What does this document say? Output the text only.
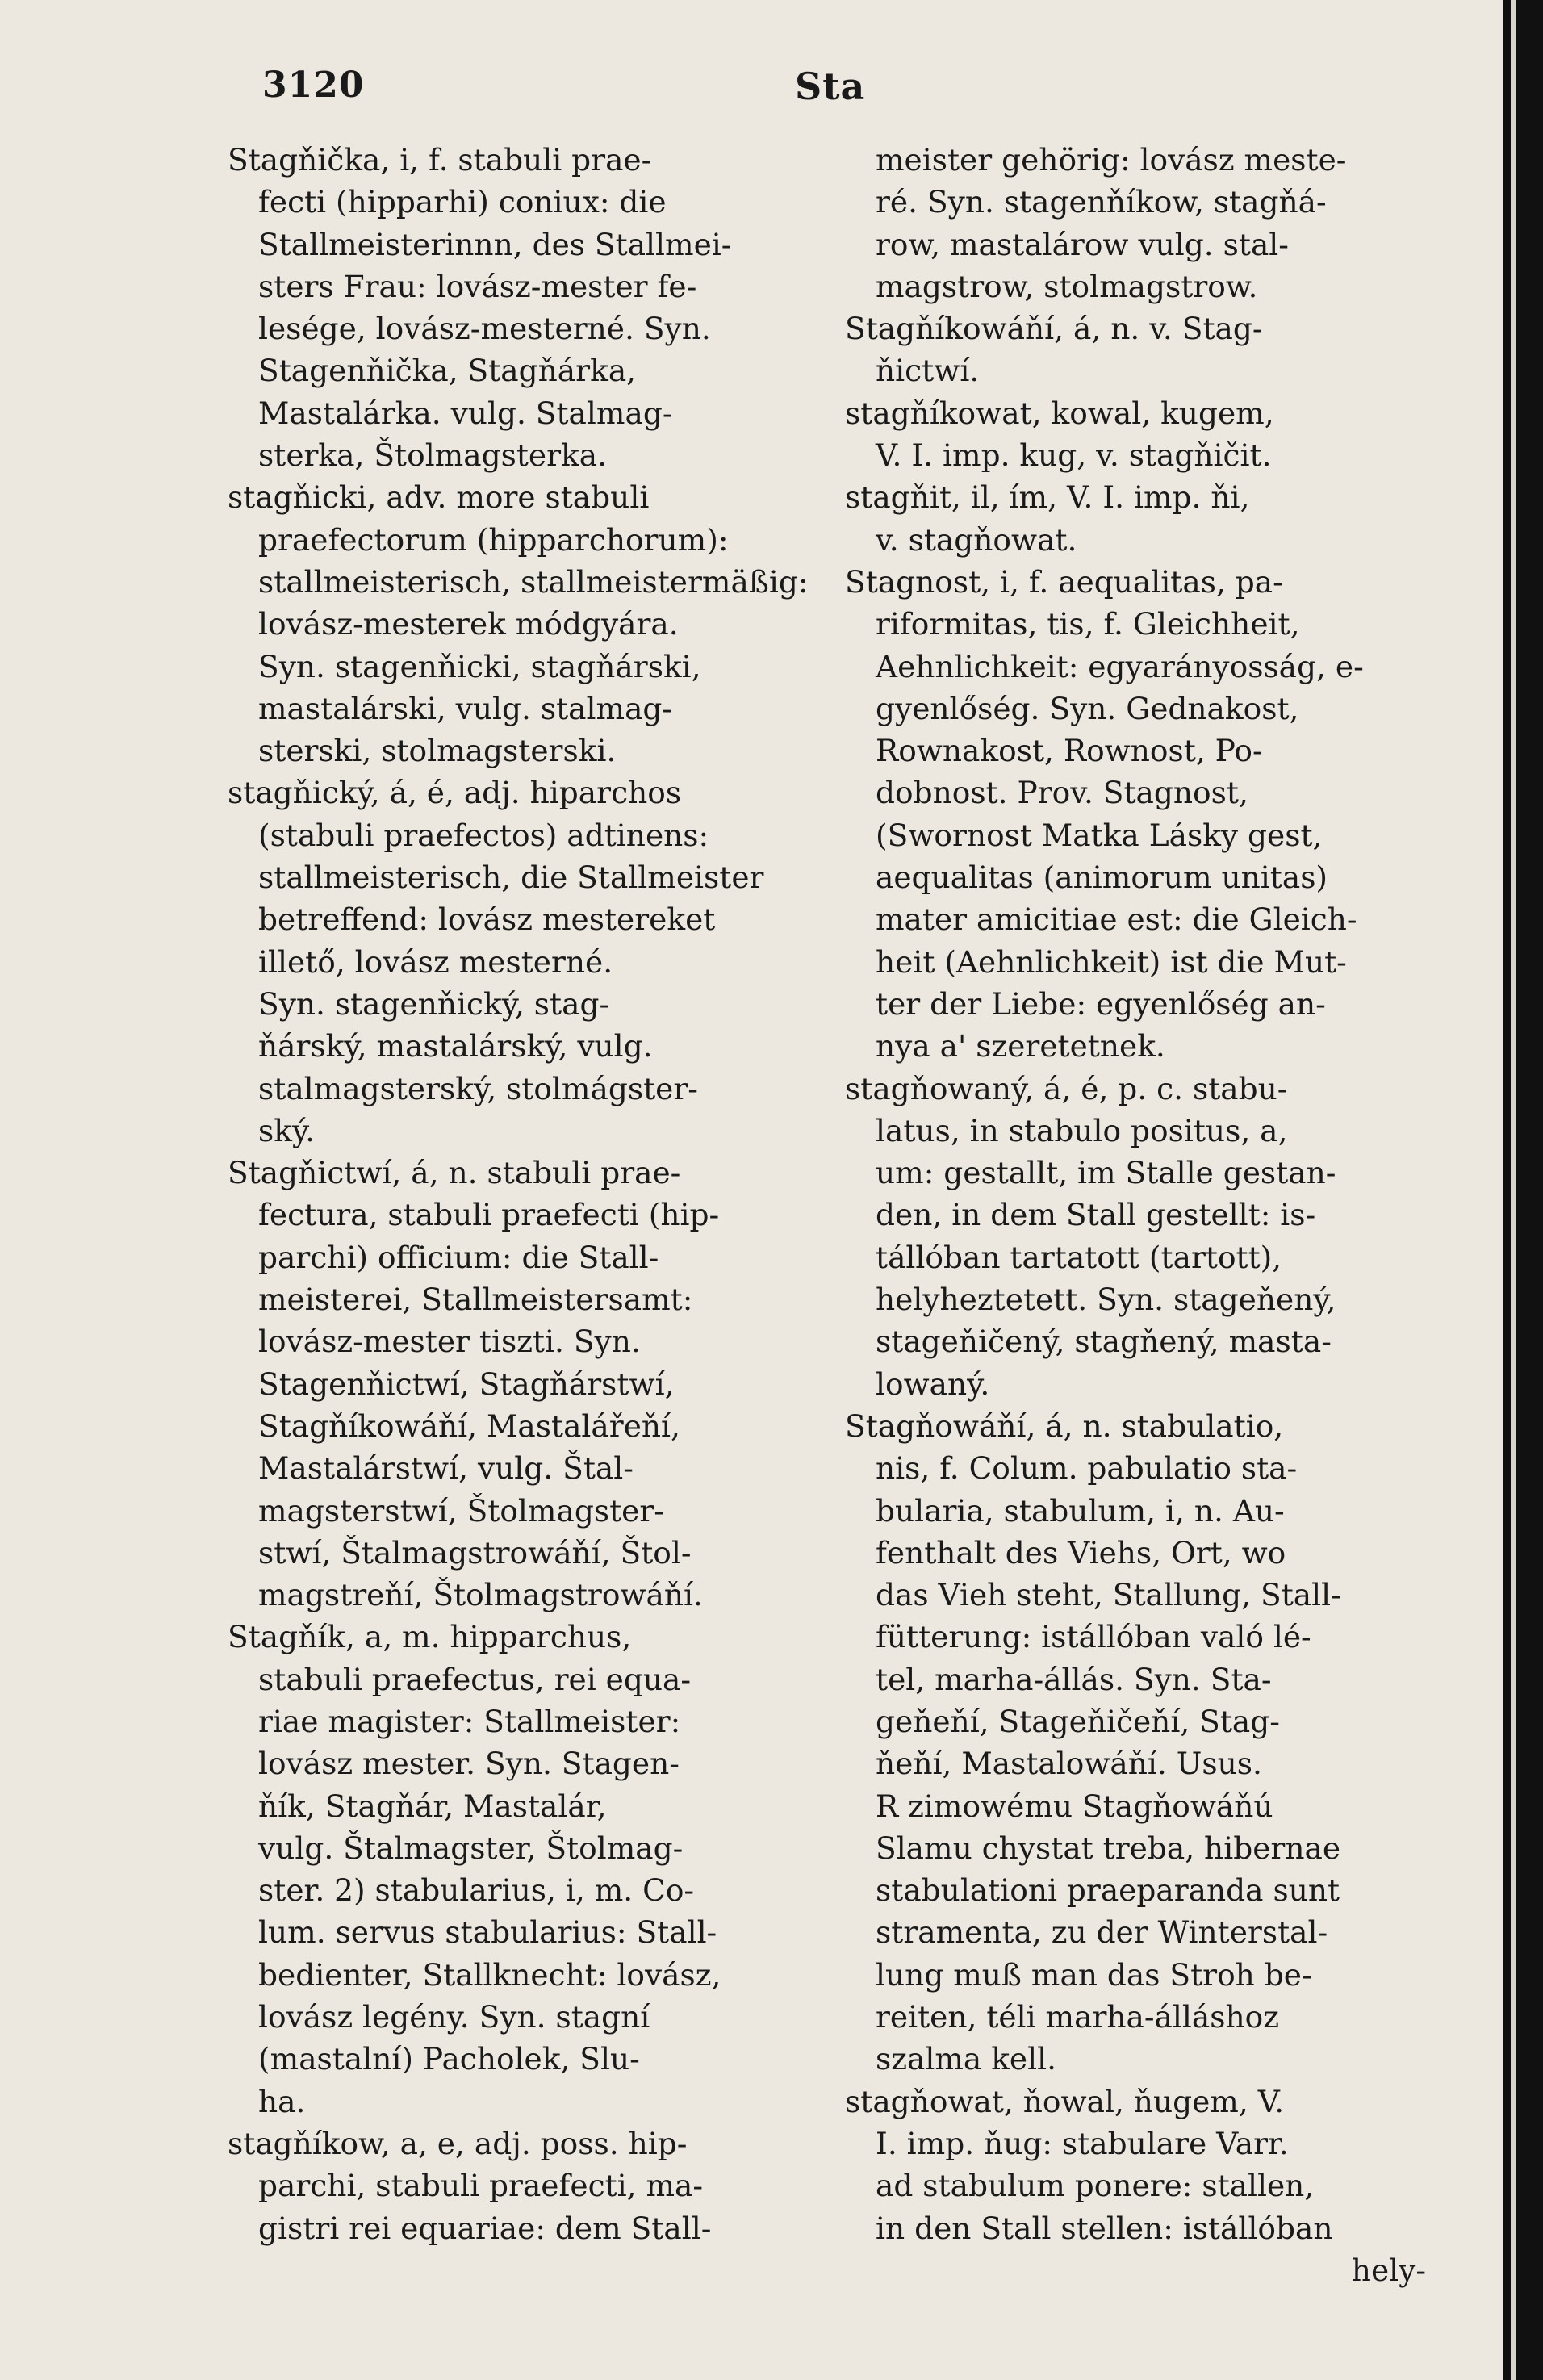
3120	Sta
Stagňička, i, f. stabuli prae-
fecti (hipparhi) coniux: die
Stallmeisterinnn, des Stallmei-
sters Frau: lovász-mester fe-
lesége, lovász-mesterné. Syn.
Stagenňička, Stagňárka,
Mastalárka. vulg. Stalmag-
sterka, Štolmagsterka.
stagňicki, adv. more stabuli
praefectorum (hipparchorum):
stallmeisterisch, stallmeistermäßig:
lovász-mesterek módgyára.
Syn. stagenňicki, stagňárski,
mastalárski, vulg. stalmag-
sterski, stolmagsterski.
stagňický, á, é, adj. hiparchos
(stabuli praefectos) adtinens:
stallmeisterisch, die Stallmeister
betreffend: lovász mestereket
illető, lovász mesterné.
Syn. stagenňický, stag-
ňárský, mastalárský, vulg.
stalmagsterský, stolmágster-
ský.
Stagňictwí, á, n. stabuli prae-
fectura, stabuli praefecti (hip-
parchi) officium: die Stall-
meisterei, Stallmeistersamt:
lovász-mester tiszti. Syn.
Stagenňictwí, Stagňárstwí,
Stagňíkowáňí, Mastalářeňí,
Mastalárstwí, vulg. Štal-
magsterstwí, Štolmagster-
stwí, Štalmagstrowáňí, Štol-
magstreňí, Štolmagstrowáňí.
Stagňík, a, m. hipparchus,
stabuli praefectus, rei equa-
riae magister: Stallmeister:
lovász mester. Syn. Stagen-
ňík, Stagňár, Mastalár,
vulg. Štalmagster, Štolmag-
ster. 2) stabularius, i, m. Co-
lum. servus stabularius: Stall-
bedienter, Stallknecht: lovász,
lovász legény. Syn. stagní
(mastalní) Pacholek, Slu-
ha.
stagňíkow, a, e, adj. poss. hip-
parchi, stabuli praefecti, ma-
gistri rei equariae: dem Stall-
meister gehörig: lovász meste-
ré. Syn. stagenňíkow, stagňá-
row, mastalárow vulg. stal-
magstrow, stolmagstrow.
Stagňíkowáňí, á, n. v. Stag-
ňictwí.
stagňíkowat, kowal, kugem,
V. I. imp. kug, v. stagňičit.
stagňit, il, ím, V. I. imp. ňi,
v. stagňowat.
Stagnost, i, f. aequalitas, pa-
riformitas, tis, f. Gleichheit,
Aehnlichkeit: egyarányosság, e-
gyenlőség. Syn. Gednakost,
Rownakost, Rownost, Po-
dobnost. Prov. Stagnost,
(Swornost Matka Lásky gest,
aequalitas (animorum unitas)
mater amicitiae est: die Gleich-
heit (Aehnlichkeit) ist die Mut-
ter der Liebe: egyenlőség an-
nya a' szeretetnek.
stagňowaný, á, é, p. c. stabu-
latus, in stabulo positus, a,
um: gestallt, im Stalle gestan-
den, in dem Stall gestellt: is-
tállóban tartatott (tartott),
helyheztetett. Syn. stageňený,
stageňičený, stagňený, masta-
lowaný.
Stagňowáňí, á, n. stabulatio,
nis, f. Colum. pabulatio sta-
bularia, stabulum, i, n. Au-
fenthalt des Viehs, Ort, wo
das Vieh steht, Stallung, Stall-
fütterung: istállóban való lé-
tel, marha-állás. Syn. Sta-
geňeňí, Stageňičeňí, Stag-
ňeňí, Mastalowáňí. Usus.
R zimowému Stagňowáňú
Slamu chystat treba, hibernae
stabulationi praeparanda sunt
stramenta, zu der Winterstal-
lung muß man das Stroh be-
reiten, téli marha-álláshoz
szalma kell.
stagňowat, ňowal, ňugem, V.
I. imp. ňug: stabulare Varr.
ad stabulum ponere: stallen,
in den Stall stellen: istállóban
hely-
